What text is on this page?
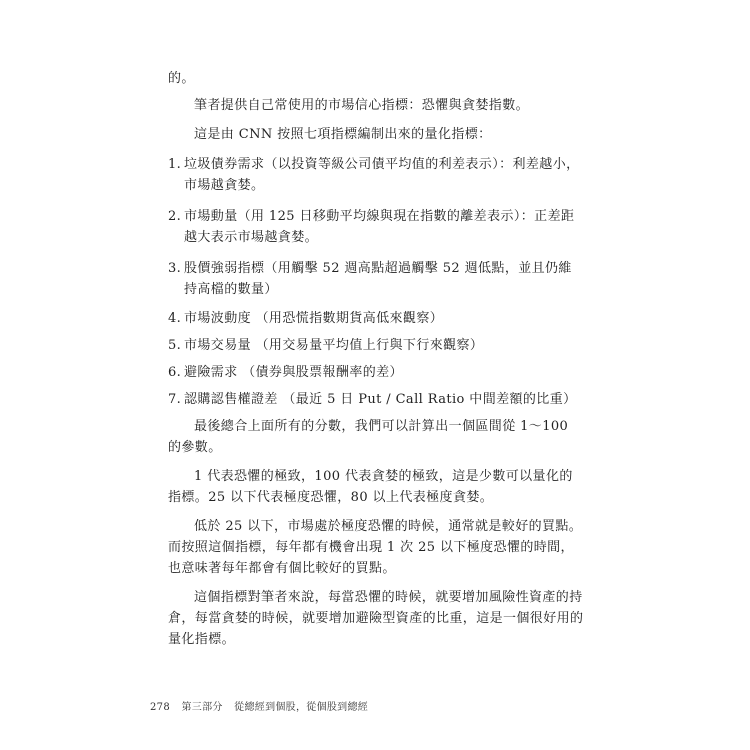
的。

筆者提供自己常使用的市場信心指標：恐懼與貪婪指數。

這是由 CNN 按照七項指標編制出來的量化指標：

1. 垃圾債券需求（以投資等級公司債平均值的利差表示）：利差越小，市場越貪婪。
2. 市場動量（用 125 日移動平均線與現在指數的離差表示）：正差距越大表示市場越貪婪。
3. 股價強弱指標（用觸擊 52 週高點超過觸擊 52 週低點，並且仍維持高檔的數量）
4. 市場波動度 （用恐慌指數期貨高低來觀察）
5. 市場交易量 （用交易量平均值上行與下行來觀察）
6. 避險需求 （債券與股票報酬率的差）
7. 認購認售權證差 （最近 5 日 Put / Call Ratio 中間差額的比重）

最後總合上面所有的分數，我們可以計算出一個區間從 1～100 的參數。

1 代表恐懼的極致，100 代表貪婪的極致，這是少數可以量化的指標。25 以下代表極度恐懼，80 以上代表極度貪婪。

低於 25 以下，市場處於極度恐懼的時候，通常就是較好的買點。而按照這個指標，每年都有機會出現 1 次 25 以下極度恐懼的時間，也意味著每年都會有個比較好的買點。

這個指標對筆者來說，每當恐懼的時候，就要增加風險性資產的持倉，每當貪婪的時候，就要增加避險型資產的比重，這是一個很好用的量化指標。

278 第三部分 從總經到個股，從個股到總經
